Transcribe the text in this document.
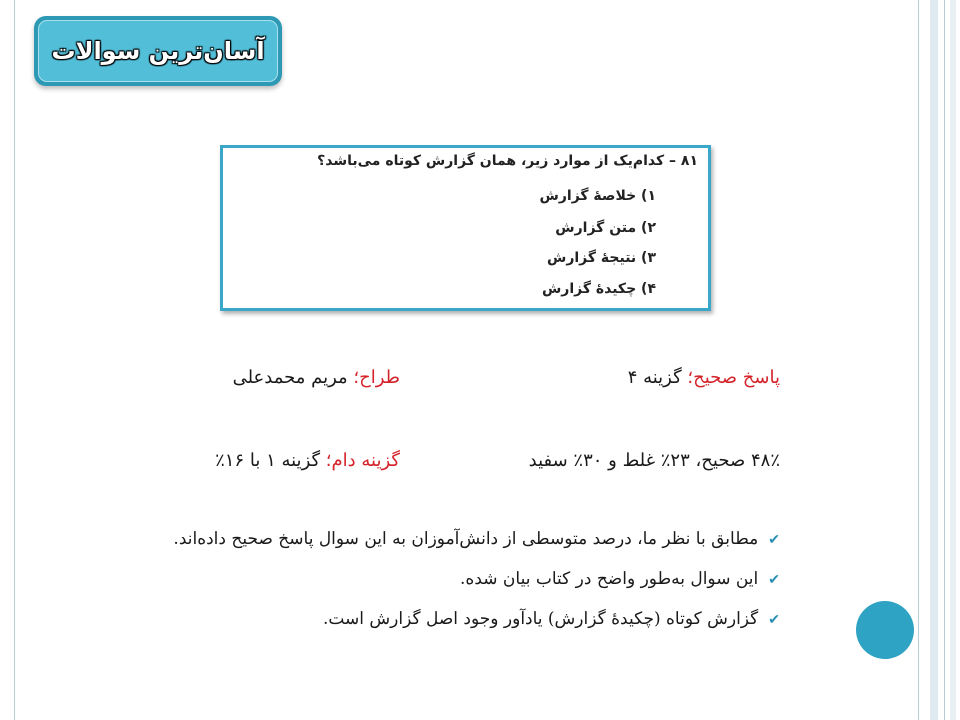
آسان‌ترین سوالات
۸۱ – کدام‌یک از موارد زیر، همان گزارش کوتاه می‌باشد؟
۱) خلاصهٔ گزارش
۲) متن گزارش
۳) نتیجهٔ گزارش
۴) چکیدهٔ گزارش
پاسخ صحیح؛ گزینه ۴
طراح؛ مریم محمدعلی
۴۸٪ صحیح، ۲۳٪ غلط و ۳۰٪ سفید
گزینه دام؛ گزینه ۱ با ۱۶٪
✔مطابق با نظر ما، درصد متوسطی از دانش‌آموزان به این سوال پاسخ صحیح داده‌اند.
✔این سوال به‌طور واضح در کتاب بیان شده.
✔گزارش کوتاه (چکیدهٔ گزارش) یادآور وجود اصل گزارش است.
